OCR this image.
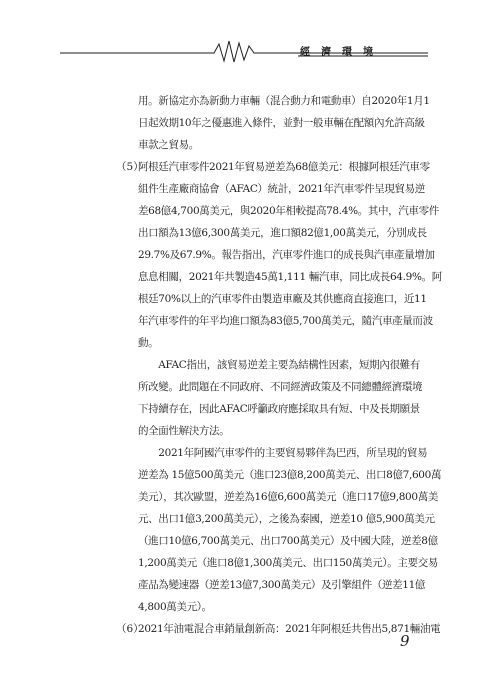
經濟環境
用。新協定亦為新動力車輛（混合動力和電動車）自2020年1月1
日起效期10年之優惠進入條件，並對一般車輛在配額內允許高級
車款之貿易。
（5）
阿根廷汽車零件2021年貿易逆差為68億美元：根據阿根廷汽車零
組件生產廠商協會（AFAC）統計，2021年汽車零件呈現貿易逆
差68億4,700萬美元，與2020年相較提高78.4%。其中，汽車零件
出口額為13億6,300萬美元，進口額82億1,00萬美元，分別成長
29.7%及67.9%。報告指出，汽車零件進口的成長與汽車產量增加
息息相關，2021年共製造45萬1,111 輛汽車，同比成長64.9%。阿
根廷70%以上的汽車零件由製造車廠及其供應商直接進口，近11
年汽車零件的年平均進口額為83億5,700萬美元，隨汽車產量而波
動。
　　AFAC指出，該貿易逆差主要為結構性因素，短期內很難有
所改變。此問題在不同政府、不同經濟政策及不同總體經濟環境
下持續存在，因此AFAC呼籲政府應採取具有短、中及長期願景
的全面性解決方法。
　　2021年阿國汽車零件的主要貿易夥伴為巴西，所呈現的貿易
逆差為 15億500萬美元（進口23億8,200萬美元、出口8億7,600萬
美元），其次歐盟，逆差為16億6,600萬美元（進口17億9,800萬美
元、出口1億3,200萬美元），之後為泰國，逆差10 億5,900萬美元
（進口10億6,700萬美元、出口700萬美元）及中國大陸，逆差8億
1,200萬美元（進口8億1,300萬美元、出口150萬美元）。主要交易
產品為變速器（逆差13億7,300萬美元）及引擎組件（逆差11億
4,800萬美元）。
（6）
2021年油電混合車銷量創新高：2021年阿根廷共售出5,871輛油電
9
